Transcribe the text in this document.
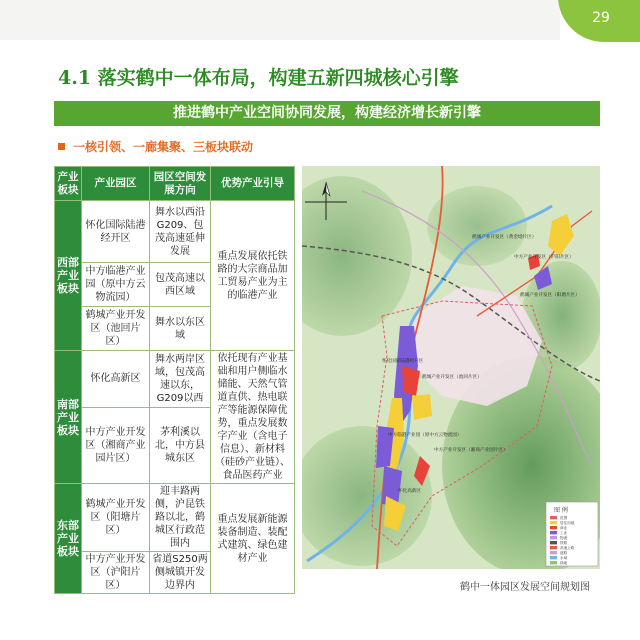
29
4.1 落实鹤中一体布局，构建五新四城核心引擎
推进鹤中产业空间协同发展，构建经济增长新引擎
一核引领、一廊集聚、三板块联动
产业板块	产业园区	园区空间发展方向	优势产业引导
西部产业板块	怀化国际陆港经开区	舞水以西沿G209、包茂高速延伸发展	重点发展依托铁路的大宗商品加工贸易产业为主的临港产业
	中方临港产业园（原中方云物流园）	包茂高速以西区域	
	鹤城产业开发区（池回片区）	舞水以东区域	
南部产业板块	怀化高新区	舞水两岸区域，包茂高速以东，G209以西	依托现有产业基础和用户侧临水储能、天然气管道直供、热电联产等能源保障优势，重点发展数字产业（含电子信息）、新材料（硅砂产业链）、食品医药产业
	中方产业开发区（湘商产业园片区）	茅利溪以北，中方县城东区	
东部产业板块	鹤城产业开发区（阳塘片区）	迎丰路两侧，沪昆铁路以北，鹤城区行政范围内	重点发展新能源装备制造、装配式建筑、绿色建材产业
	中方产业开发区（沪阳片区）	省道S250两侧城镇开发边界内	
图 例
范围
居住用地
商业
工业
物流
铁路
高速公路
道路
水域
绿地
鹤城产业开发区（黄金坳片区）
中方产业开发区（沪阳片区）
鹤城产业开发区（阳塘片区）
怀化国际陆港经开区
鹤城产业开发区（池回片区）
中方临港产业园（原中方云物流园）
中方产业开发区（湘商产业园片区）
怀化高新区
鹤中一体园区发展空间规划图
